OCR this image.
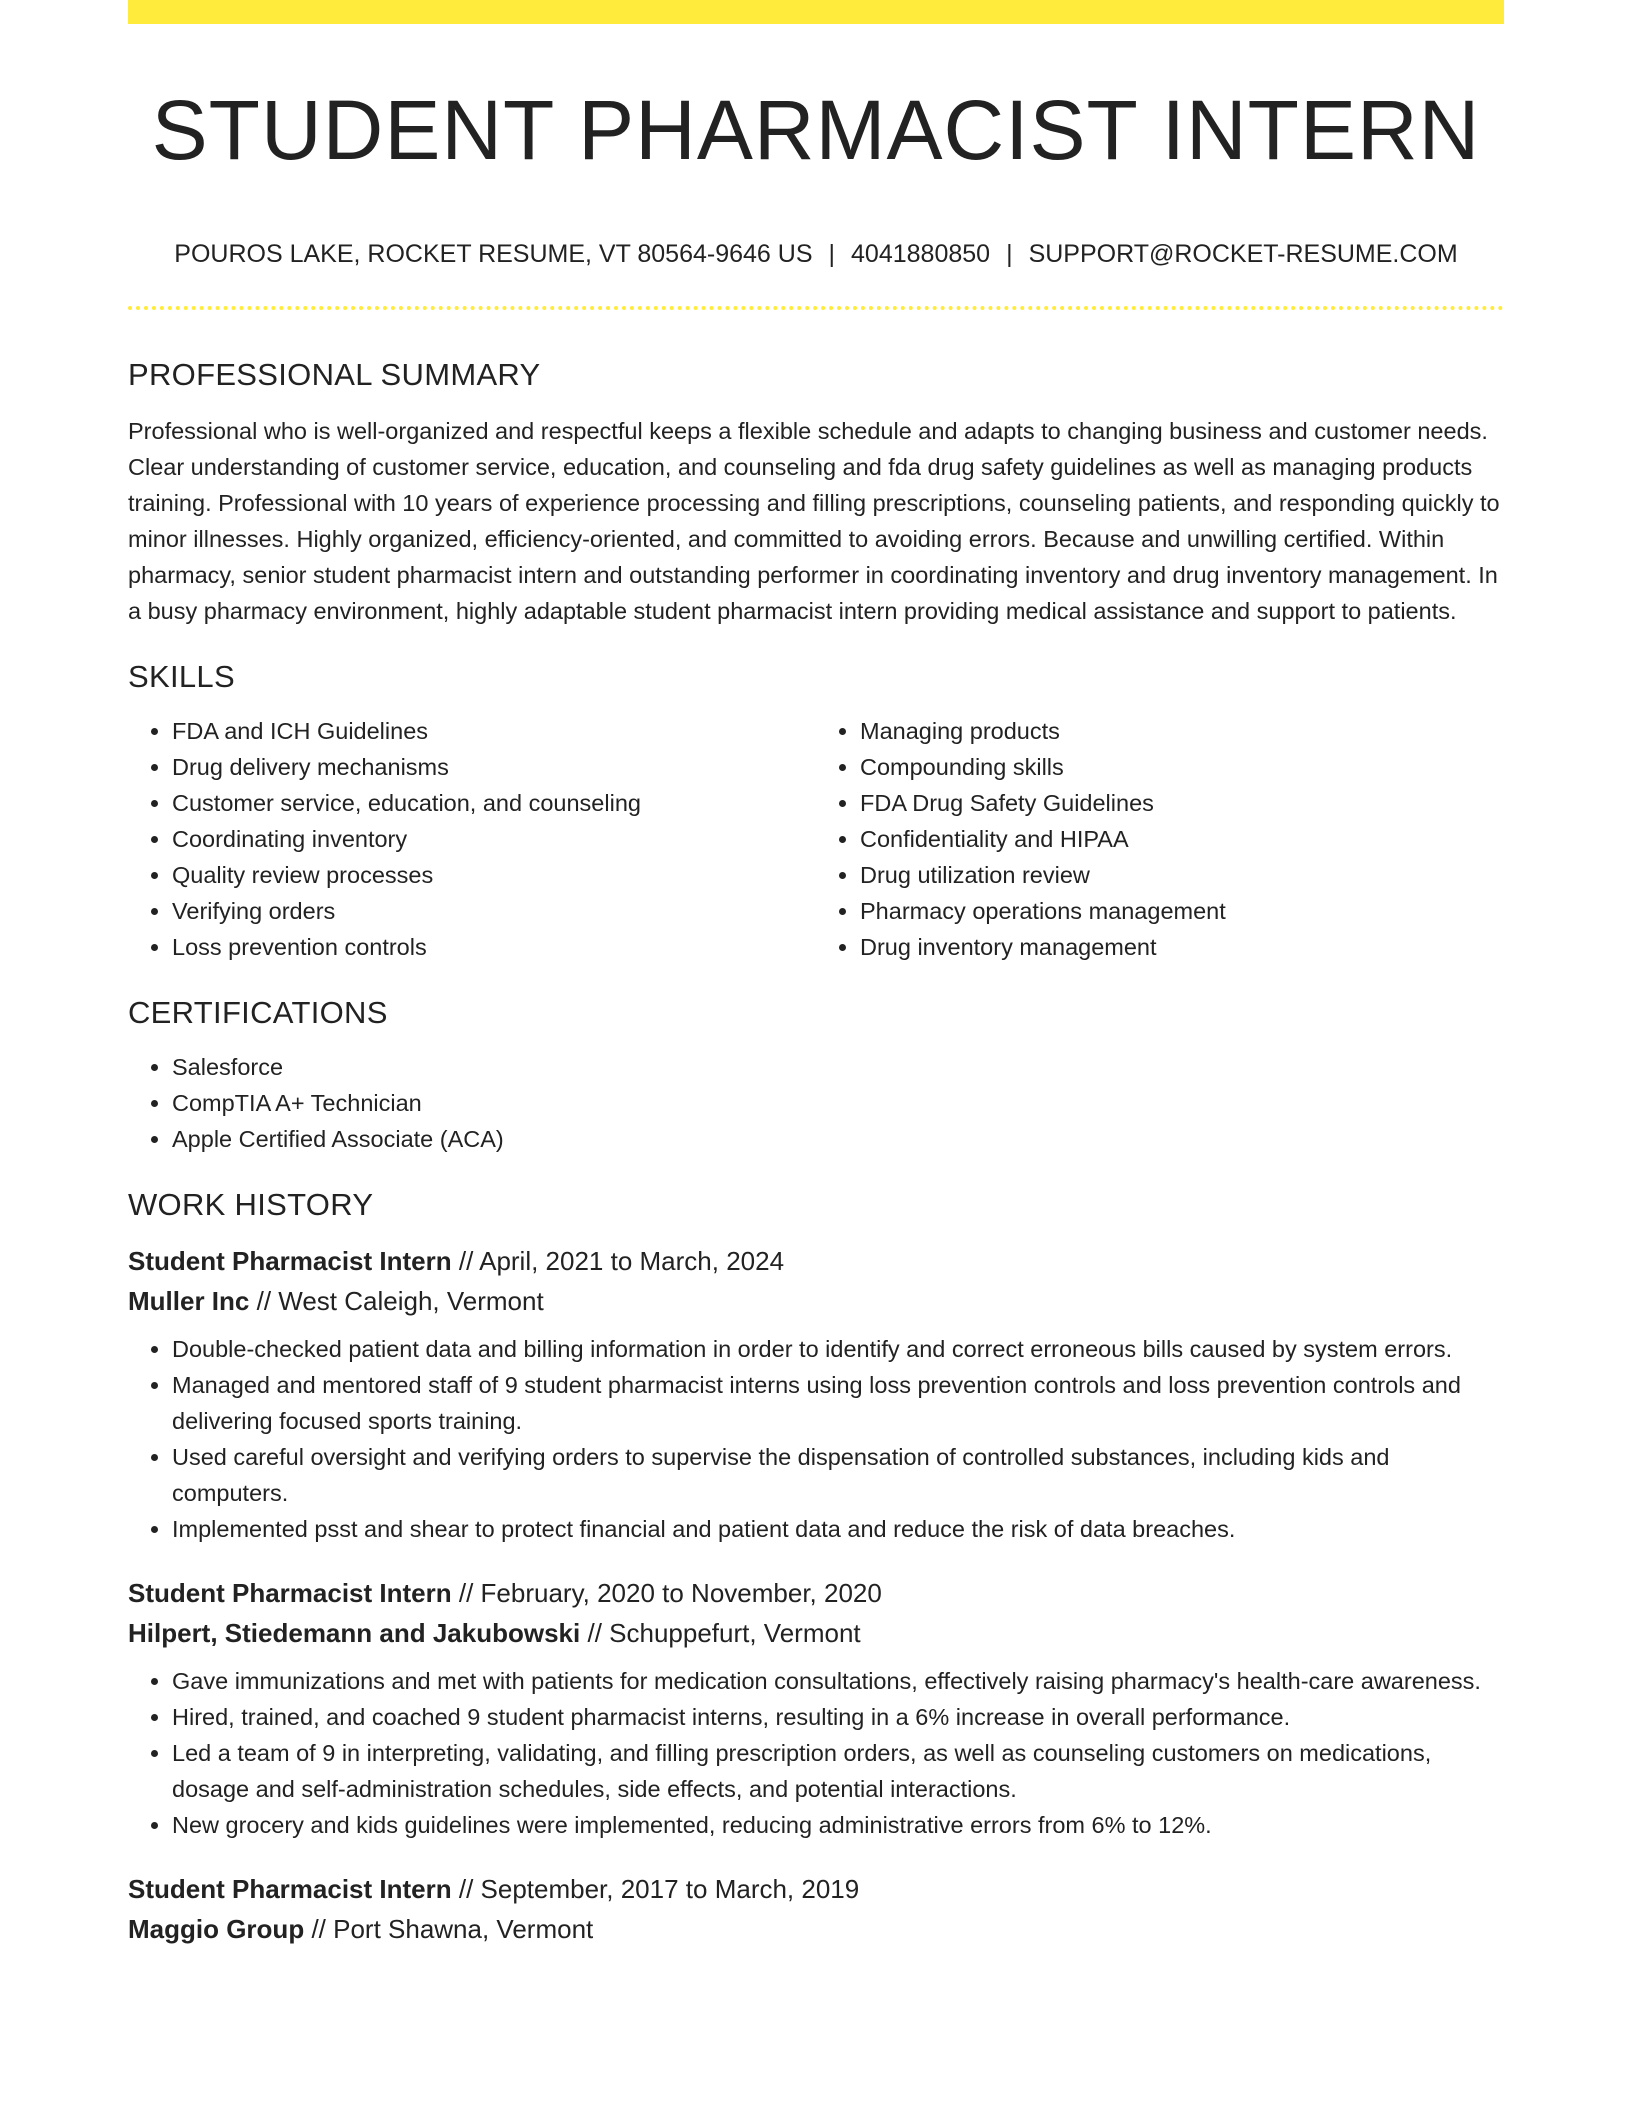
STUDENT PHARMACIST INTERN
POUROS LAKE, ROCKET RESUME, VT 80564-9646 US | 4041880850 | SUPPORT@ROCKET-RESUME.COM
PROFESSIONAL SUMMARY

Professional who is well-organized and respectful keeps a flexible schedule and adapts to changing business and customer needs. Clear understanding of customer service, education, and counseling and fda drug safety guidelines as well as managing products training. Professional with 10 years of experience processing and filling prescriptions, counseling patients, and responding quickly to minor illnesses. Highly organized, efficiency-oriented, and committed to avoiding errors. Because and unwilling certified. Within pharmacy, senior student pharmacist intern and outstanding performer in coordinating inventory and drug inventory management. In a busy pharmacy environment, highly adaptable student pharmacist intern providing medical assistance and support to patients.

SKILLS
• FDA and ICH Guidelines
• Drug delivery mechanisms
• Customer service, education, and counseling
• Coordinating inventory
• Quality review processes
• Verifying orders
• Loss prevention controls
• Managing products
• Compounding skills
• FDA Drug Safety Guidelines
• Confidentiality and HIPAA
• Drug utilization review
• Pharmacy operations management
• Drug inventory management
CERTIFICATIONS
• Salesforce
• CompTIA A+ Technician
• Apple Certified Associate (ACA)
WORK HISTORY
Student Pharmacist Intern // April, 2021 to March, 2024
Muller Inc // West Caleigh, Vermont
• Double-checked patient data and billing information in order to identify and correct erroneous bills caused by system errors.
• Managed and mentored staff of 9 student pharmacist interns using loss prevention controls and loss prevention controls and delivering focused sports training.
• Used careful oversight and verifying orders to supervise the dispensation of controlled substances, including kids and computers.
• Implemented psst and shear to protect financial and patient data and reduce the risk of data breaches.
Student Pharmacist Intern // February, 2020 to November, 2020
Hilpert, Stiedemann and Jakubowski // Schuppefurt, Vermont
• Gave immunizations and met with patients for medication consultations, effectively raising pharmacy's health-care awareness.
• Hired, trained, and coached 9 student pharmacist interns, resulting in a 6% increase in overall performance.
• Led a team of 9 in interpreting, validating, and filling prescription orders, as well as counseling customers on medications, dosage and self-administration schedules, side effects, and potential interactions.
• New grocery and kids guidelines were implemented, reducing administrative errors from 6% to 12%.
Student Pharmacist Intern // September, 2017 to March, 2019
Maggio Group // Port Shawna, Vermont
